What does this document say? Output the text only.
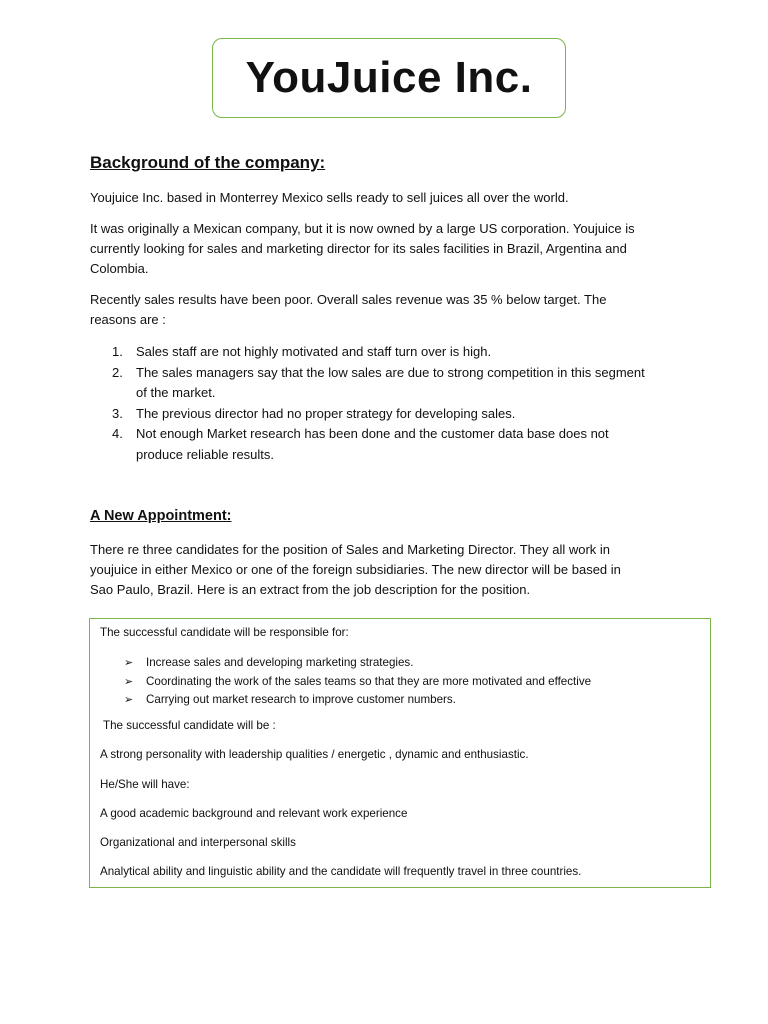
YouJuice Inc.
Background of the company:

Youjuice Inc. based in Monterrey Mexico sells ready to sell juices all over the world.

It was originally a Mexican company, but it is now owned by a large US corporation. Youjuice is

currently looking for sales and marketing director for its sales facilities in Brazil, Argentina and

Colombia.

Recently sales results have been poor. Overall sales revenue was 35 % below target. The

reasons are :

1. Sales staff are not highly motivated and staff turn over is high.
2. The sales managers say that the low sales are due to strong competition in this segment
of the market.
3. The previous director had no proper strategy for developing sales.
4. Not enough Market research has been done and the customer data base does not
produce reliable results.
A New Appointment:

There re three candidates for the position of Sales and Marketing Director. They all work in

youjuice in either Mexico or one of the foreign subsidiaries. The new director will be based in

Sao Paulo, Brazil. Here is an extract from the job description for the position.

The successful candidate will be responsible for:

➢ Increase sales and developing marketing strategies.
➢ Coordinating the work of the sales teams so that they are more motivated and effective
➢ Carrying out market research to improve customer numbers.

The successful candidate will be :

A strong personality with leadership qualities / energetic , dynamic and enthusiastic.

He/She will have:

A good academic background and relevant work experience

Organizational and interpersonal skills

Analytical ability and linguistic ability and the candidate will frequently travel in three countries.
